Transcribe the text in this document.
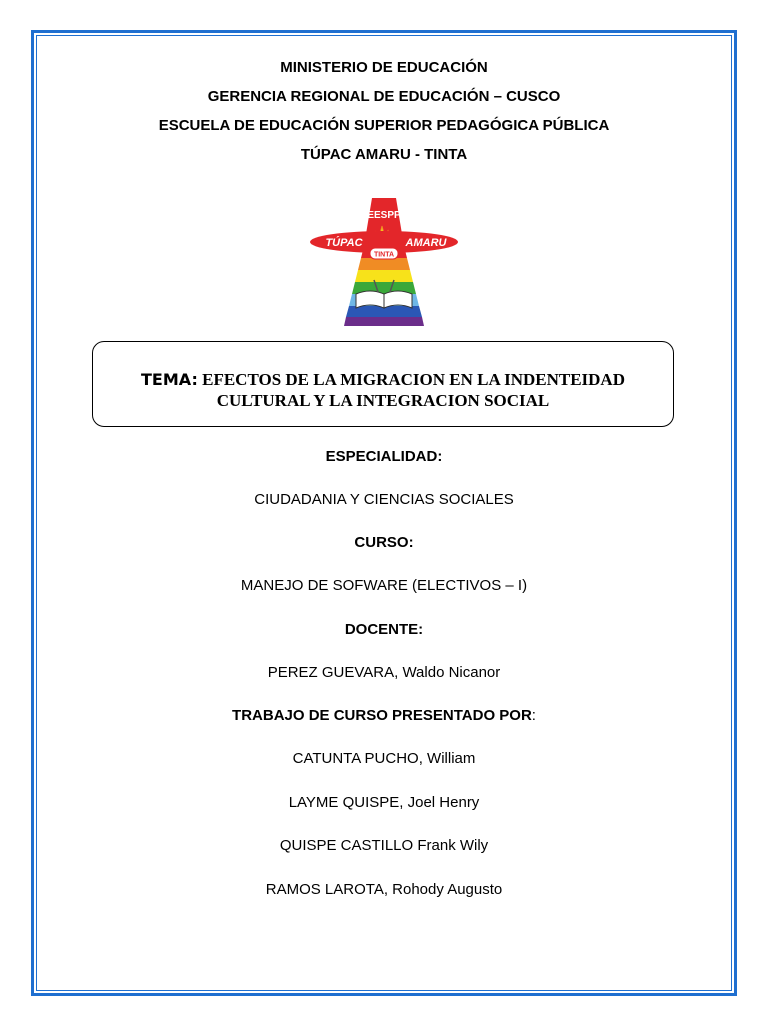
MINISTERIO DE EDUCACIÓN
GERENCIA REGIONAL DE EDUCACIÓN – CUSCO
ESCUELA DE EDUCACIÓN SUPERIOR PEDAGÓGICA PÚBLICA
TÚPAC AMARU - TINTA
EESPP
TÚPAC	AMARU
TINTA
TEMA: EFECTOS DE LA MIGRACION EN LA INDENTEIDAD
CULTURAL Y LA INTEGRACION SOCIAL
ESPECIALIDAD:
CIUDADANIA Y CIENCIAS SOCIALES
CURSO:
MANEJO DE SOFWARE (ELECTIVOS – I)
DOCENTE:
PEREZ GUEVARA, Waldo Nicanor
TRABAJO DE CURSO PRESENTADO POR:
CATUNTA PUCHO, William
LAYME QUISPE, Joel Henry
QUISPE CASTILLO Frank Wily
RAMOS LAROTA, Rohody Augusto
